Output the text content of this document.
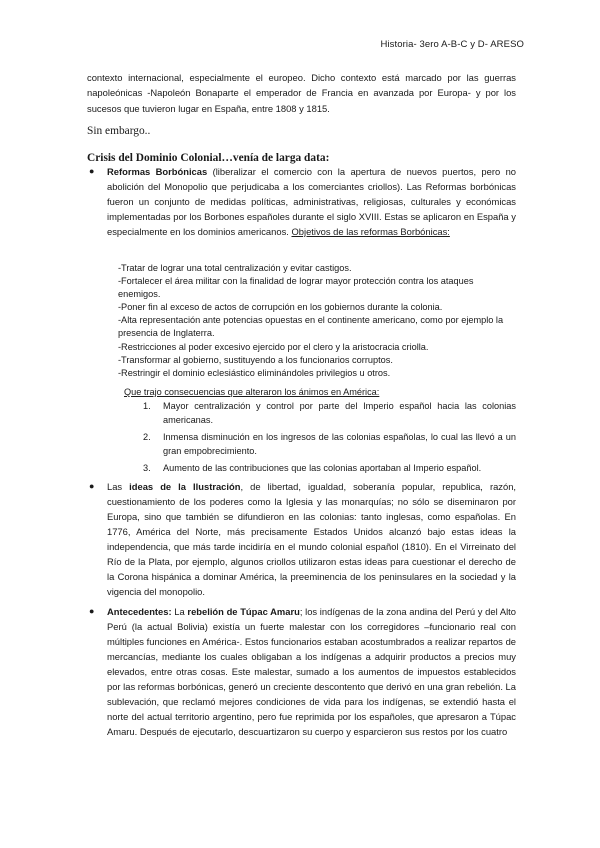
Historia- 3ero A-B-C y D- ARESO

contexto internacional, especialmente el europeo. Dicho contexto está marcado por las guerras napoleónicas -Napoleón Bonaparte el emperador de Francia en avanzada por Europa- y por los sucesos que tuvieron lugar en España, entre 1808 y 1815.

Sin embargo..

Crisis del Dominio Colonial…venía de larga data:

● Reformas Borbónicas (liberalizar el comercio con la apertura de nuevos puertos, pero no abolición del Monopolio que perjudicaba a los comerciantes criollos). Las Reformas borbónicas fueron un conjunto de medidas políticas, administrativas, religiosas, culturales y económicas implementadas por los Borbones españoles durante el siglo XVIII. Estas se aplicaron en España y especialmente en los dominios americanos. Objetivos de las reformas Borbónicas:

-Tratar de lograr una total centralización y evitar castigos.
-Fortalecer el área militar con la finalidad de lograr mayor protección contra los ataques enemigos.
-Poner fin al exceso de actos de corrupción en los gobiernos durante la colonia.
-Alta representación ante potencias opuestas en el continente americano, como por ejemplo la presencia de Inglaterra.
-Restricciones al poder excesivo ejercido por el clero y la aristocracia criolla.
-Transformar al gobierno, sustituyendo a los funcionarios corruptos.
-Restringir el dominio eclesiástico eliminándoles privilegios u otros.

Que trajo consecuencias que alteraron los ánimos en América:

1. Mayor centralización y control por parte del Imperio español hacia las colonias americanas.
2. Inmensa disminución en los ingresos de las colonias españolas, lo cual las llevó a un gran empobrecimiento.
3. Aumento de las contribuciones que las colonias aportaban al Imperio español.
● Las ideas de la Ilustración, de libertad, igualdad, soberanía popular, republica, razón, cuestionamiento de los poderes como la Iglesia y las monarquías; no sólo se diseminaron por Europa, sino que también se difundieron en las colonias: tanto inglesas, como españolas. En 1776, América del Norte, más precisamente Estados Unidos alcanzó bajo estas ideas la independencia, que más tarde incidiría en el mundo colonial español (1810). En el Virreinato del Río de la Plata, por ejemplo, algunos criollos utilizaron estas ideas para cuestionar el derecho de la Corona hispánica a dominar América, la preeminencia de los peninsulares en la sociedad y la vigencia del monopolio.

● Antecedentes: La rebelión de Túpac Amaru; los indígenas de la zona andina del Perú y del Alto Perú (la actual Bolivia) existía un fuerte malestar con los corregidores –funcionario real con múltiples funciones en América-. Estos funcionarios estaban acostumbrados a realizar repartos de mercancías, mediante los cuales obligaban a los indígenas a adquirir productos a precios muy elevados, entre otras cosas. Este malestar, sumado a los aumentos de impuestos establecidos por las reformas borbónicas, generó un creciente descontento que derivó en una gran rebelión. La sublevación, que reclamó mejores condiciones de vida para los indígenas, se extendió hasta el norte del actual territorio argentino, pero fue reprimida por los españoles, que apresaron a Túpac Amaru. Después de ejecutarlo, descuartizaron su cuerpo y esparcieron sus restos por los cuatro
